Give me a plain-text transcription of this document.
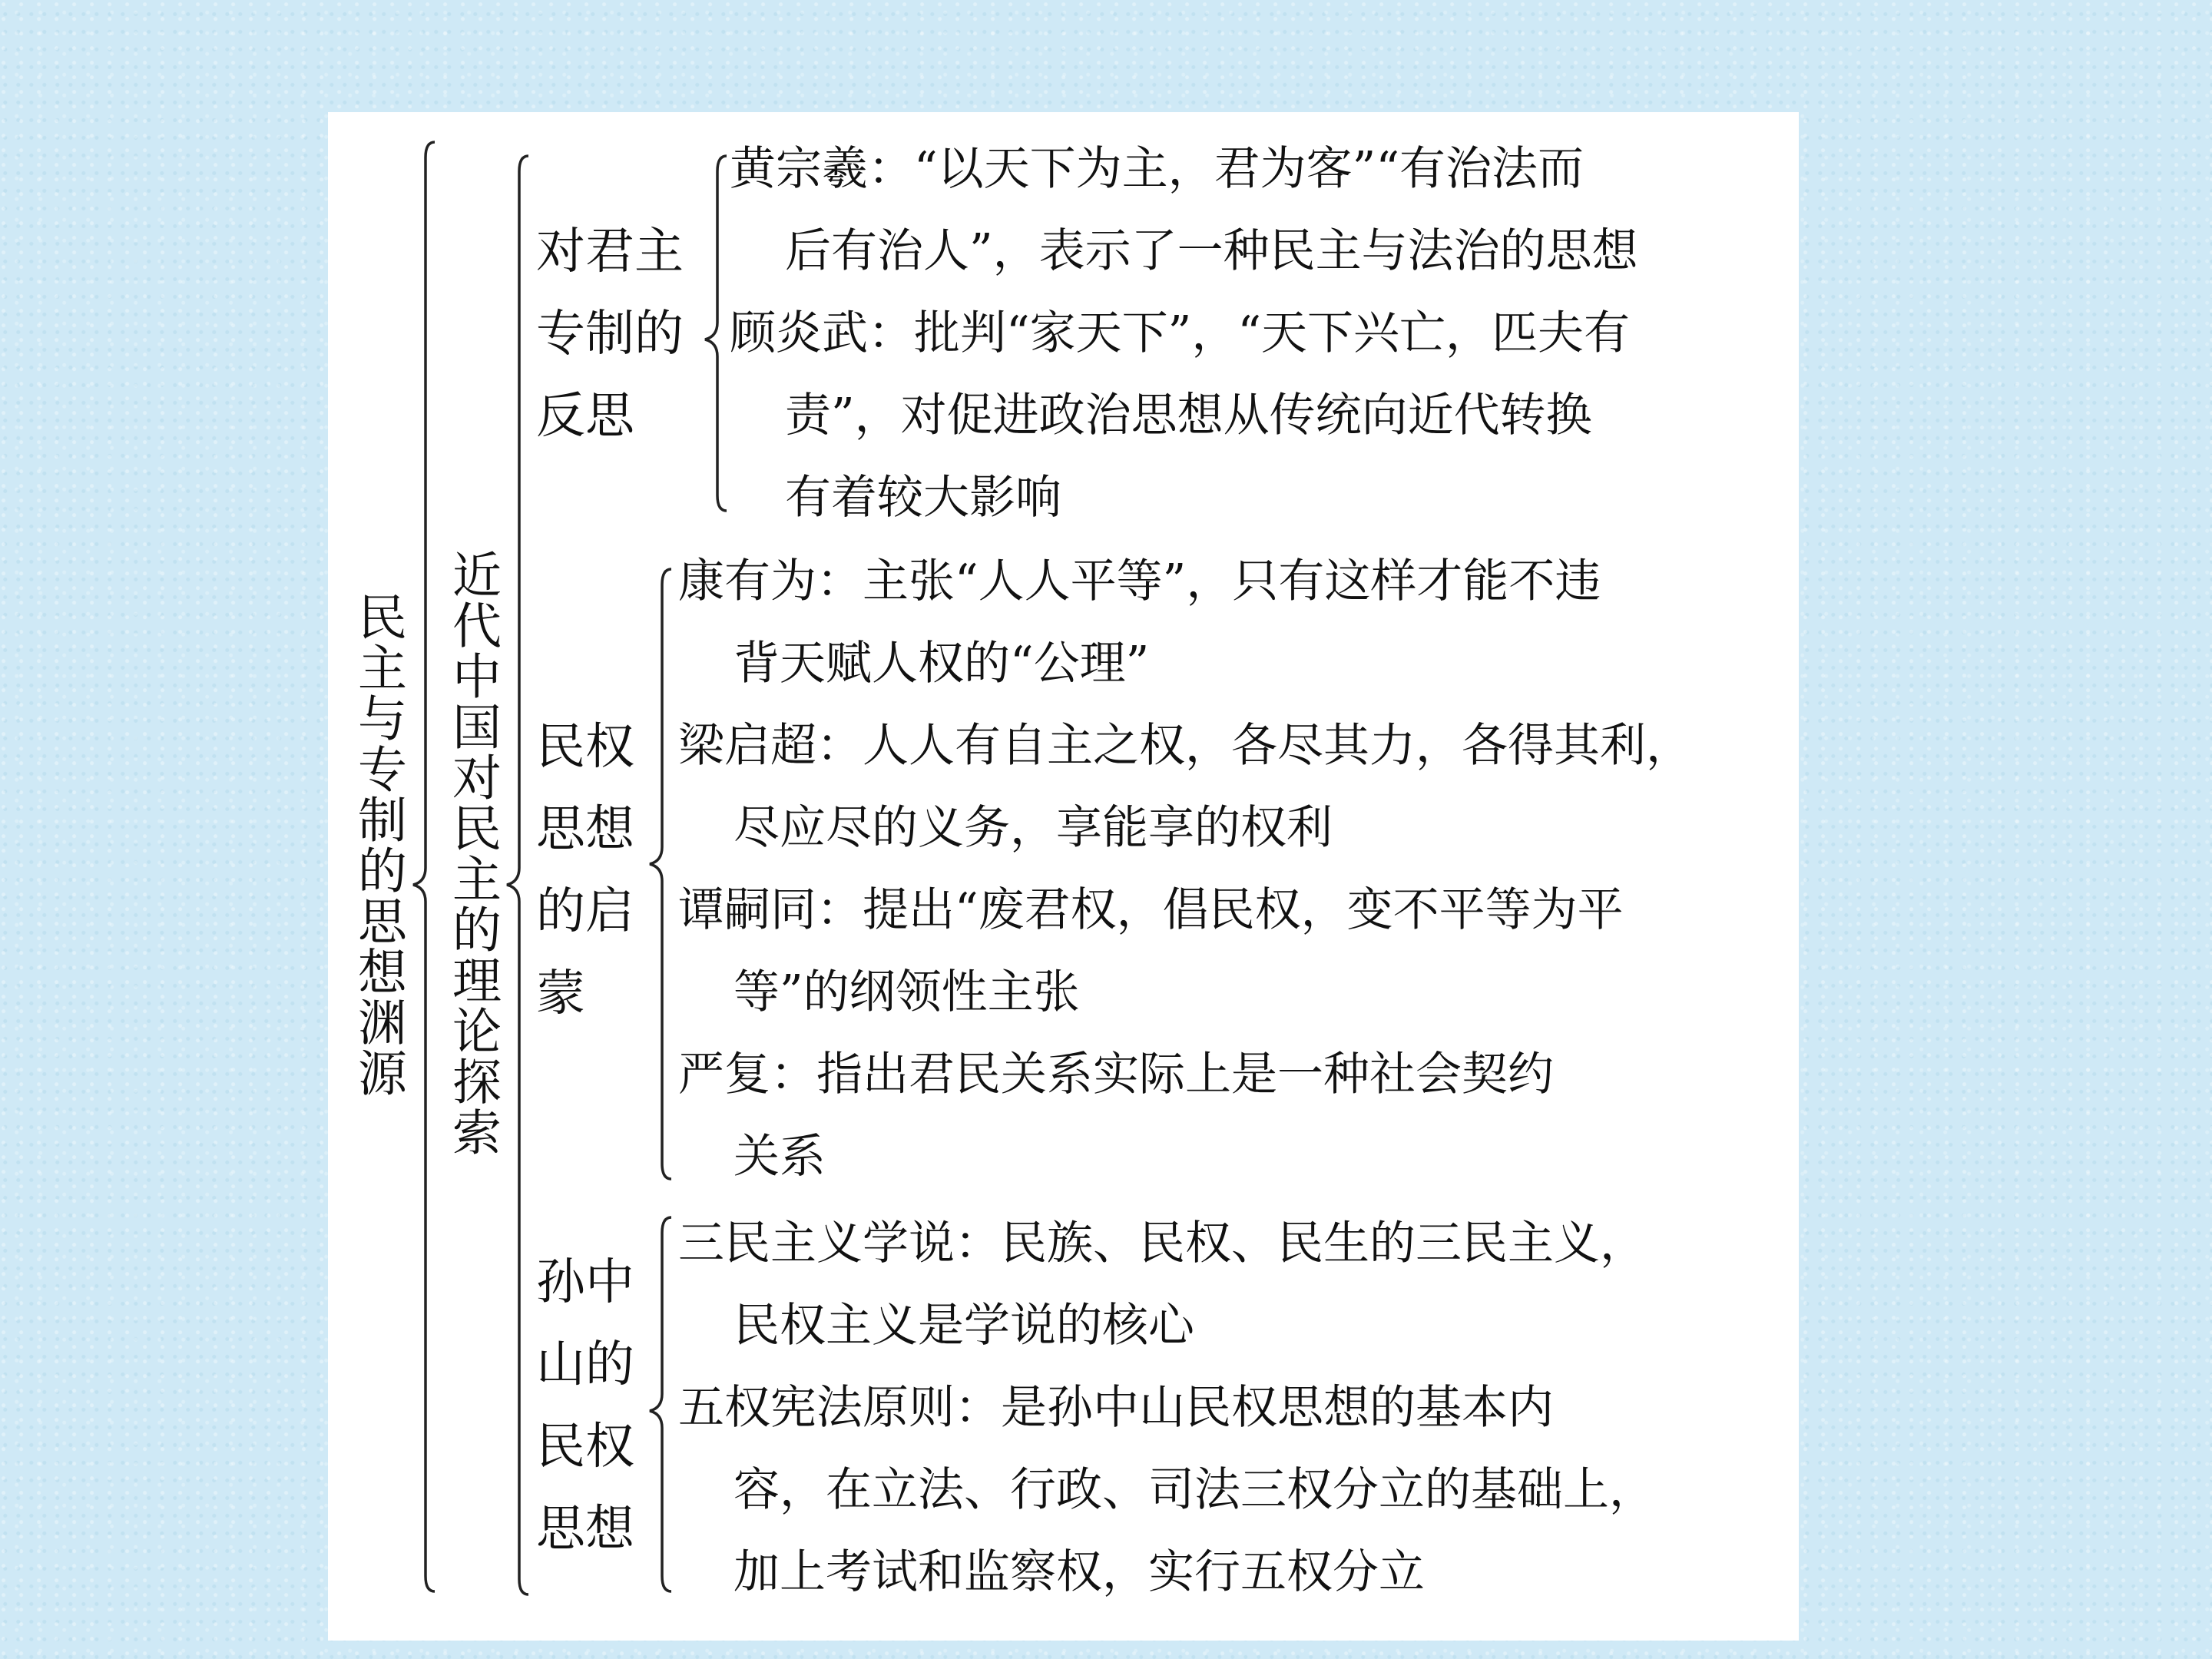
民主与专制的思想渊源 近代中国对民主的理论探索
对君主
专制的
反思
黄宗羲：“以天下为主，君为客”“有治法而
后有治人”，表示了一种民主与法治的思想
顾炎武：批判“家天下”，“天下兴亡，匹夫有
责”，对促进政治思想从传统向近代转换
有着较大影响
民权
思想
的启
蒙
康有为：主张“人人平等”，只有这样才能不违
背天赋人权的“公理”
梁启超：人人有自主之权，各尽其力，各得其利，
尽应尽的义务，享能享的权利
谭嗣同：提出“废君权，倡民权，变不平等为平
等”的纲领性主张
严复：指出君民关系实际上是一种社会契约
关系
孙中
山的
民权
思想
三民主义学说：民族、民权、民生的三民主义，
民权主义是学说的核心
五权宪法原则：是孙中山民权思想的基本内
容，在立法、行政、司法三权分立的基础上，
加上考试和监察权，实行五权分立
